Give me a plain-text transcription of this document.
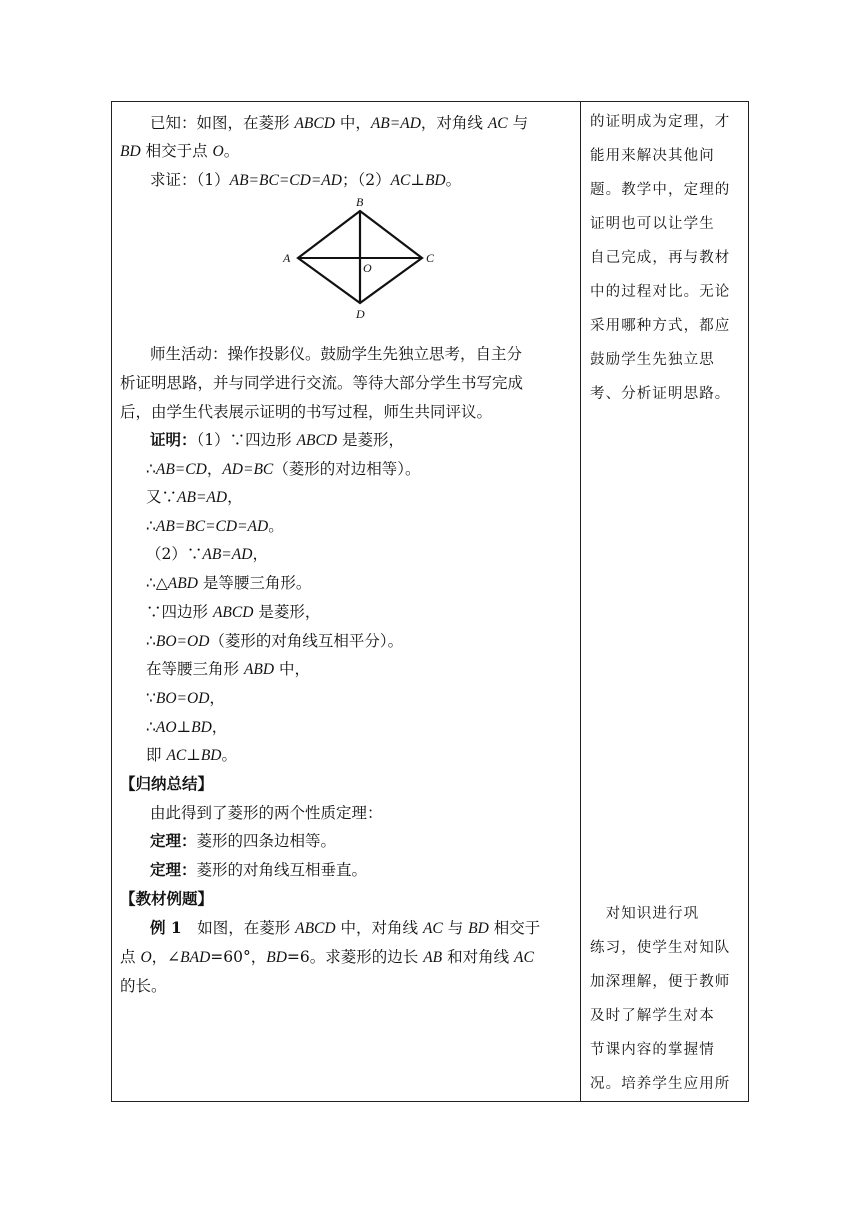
已知：如图，在菱形 ABCD 中，AB=AD，对角线 AC 与
BD 相交于点 O。
求证：（1）AB=BC=CD=AD；（2）AC⊥BD。
A
B
C
D
O
师生活动：操作投影仪。鼓励学生先独立思考，自主分
析证明思路，并与同学进行交流。等待大部分学生书写完成
后，由学生代表展示证明的书写过程，师生共同评议。
证明：（1）∵四边形 ABCD 是菱形，
∴AB=CD，AD=BC（菱形的对边相等）。
又∵AB=AD，
∴AB=BC=CD=AD。
（2）∵AB=AD，
∴△ABD 是等腰三角形。
∵四边形 ABCD 是菱形，
∴BO=OD（菱形的对角线互相平分）。
在等腰三角形 ABD 中，
∵BO=OD，
∴AO⊥BD，
即 AC⊥BD。
【归纳总结】
由此得到了菱形的两个性质定理：
定理：菱形的四条边相等。
定理：菱形的对角线互相垂直。
【教材例题】
例 1　如图，在菱形 ABCD 中，对角线 AC 与 BD 相交于
点 O，∠BAD=60°，BD=6。求菱形的边长 AB 和对角线 AC
的长。
的证明成为定理，才
能用来解决其他问
题。教学中，定理的
证明也可以让学生
自己完成，再与教材
中的过程对比。无论
采用哪种方式，都应
鼓励学生先独立思
考、分析证明思路。
　对知识进行巩
练习，使学生对知队
加深理解，便于教师
及时了解学生对本
节课内容的掌握情
况。培养学生应用所
